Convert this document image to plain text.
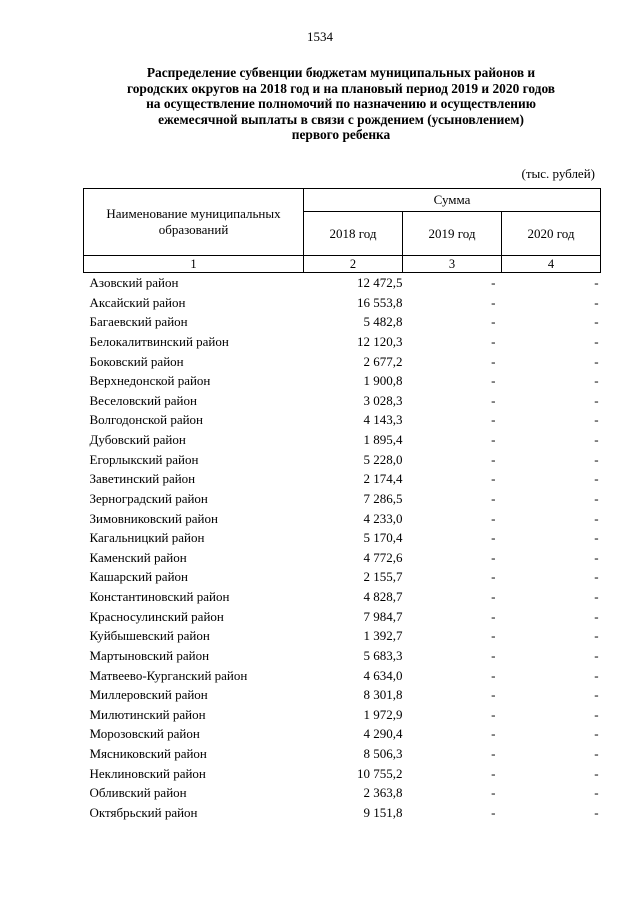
1534
Распределение субвенции бюджетам муниципальных районов и
городских округов на 2018 год и на плановый период 2019 и 2020 годов
на осуществление полномочий по назначению и осуществлению
ежемесячной выплаты в связи с рождением (усыновлением)
первого ребенка
(тыс. рублей)
Наименование муниципальных образований	Сумма		
	2018 год	2019 год	2020 год
1	2	3	4
Азовский район	12 472,5	-	-
Аксайский район	16 553,8	-	-
Багаевский район	5 482,8	-	-
Белокалитвинский район	12 120,3	-	-
Боковский район	2 677,2	-	-
Верхнедонской район	1 900,8	-	-
Веселовский район	3 028,3	-	-
Волгодонской район	4 143,3	-	-
Дубовский район	1 895,4	-	-
Егорлыкский район	5 228,0	-	-
Заветинский район	2 174,4	-	-
Зерноградский район	7 286,5	-	-
Зимовниковский район	4 233,0	-	-
Кагальницкий район	5 170,4	-	-
Каменский район	4 772,6	-	-
Кашарский район	2 155,7	-	-
Константиновский район	4 828,7	-	-
Красносулинский район	7 984,7	-	-
Куйбышевский район	1 392,7	-	-
Мартыновский район	5 683,3	-	-
Матвеево-Курганский район	4 634,0	-	-
Миллеровский район	8 301,8	-	-
Милютинский район	1 972,9	-	-
Морозовский район	4 290,4	-	-
Мясниковский район	8 506,3	-	-
Неклиновский район	10 755,2	-	-
Обливский район	2 363,8	-	-
Октябрьский район	9 151,8	-	-
